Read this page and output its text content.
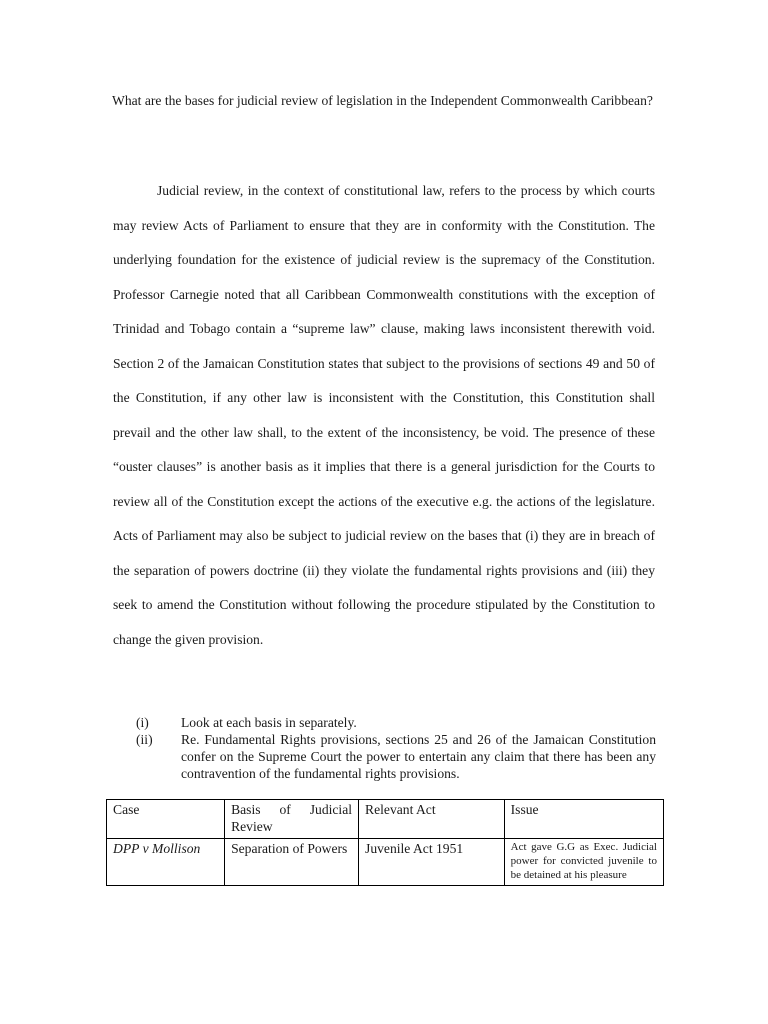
What are the bases for judicial review of legislation in the Independent Commonwealth Caribbean?
Judicial review, in the context of constitutional law, refers to the process by which courts may review Acts of Parliament to ensure that they are in conformity with the Constitution. The underlying foundation for the existence of judicial review is the supremacy of the Constitution. Professor Carnegie noted that all Caribbean Commonwealth constitutions with the exception of Trinidad and Tobago contain a “supreme law” clause, making laws inconsistent therewith void. Section 2 of the Jamaican Constitution states that subject to the provisions of sections 49 and 50 of the Constitution, if any other law is inconsistent with the Constitution, this Constitution shall prevail and the other law shall, to the extent of the inconsistency, be void. The presence of these “ouster clauses” is another basis as it implies that there is a general jurisdiction for the Courts to review all of the Constitution except the actions of the executive e.g. the actions of the legislature. Acts of Parliament may also be subject to judicial review on the bases that (i) they are in breach of the separation of powers doctrine (ii) they violate the fundamental rights provisions and (iii) they seek to amend the Constitution without following the procedure stipulated by the Constitution to change the given provision.
(i)	Look at each basis in separately.
(ii)	Re. Fundamental Rights provisions, sections 25 and 26 of the Jamaican Constitution confer on the Supreme Court the power to entertain any claim that there has been any contravention of the fundamental rights provisions.
Case	Basis of Judicial Review	Relevant Act	Issue
DPP v Mollison	Separation of Powers	Juvenile Act 1951	Act gave G.G as Exec. Judicial power for convicted juvenile to be detained at his pleasure
